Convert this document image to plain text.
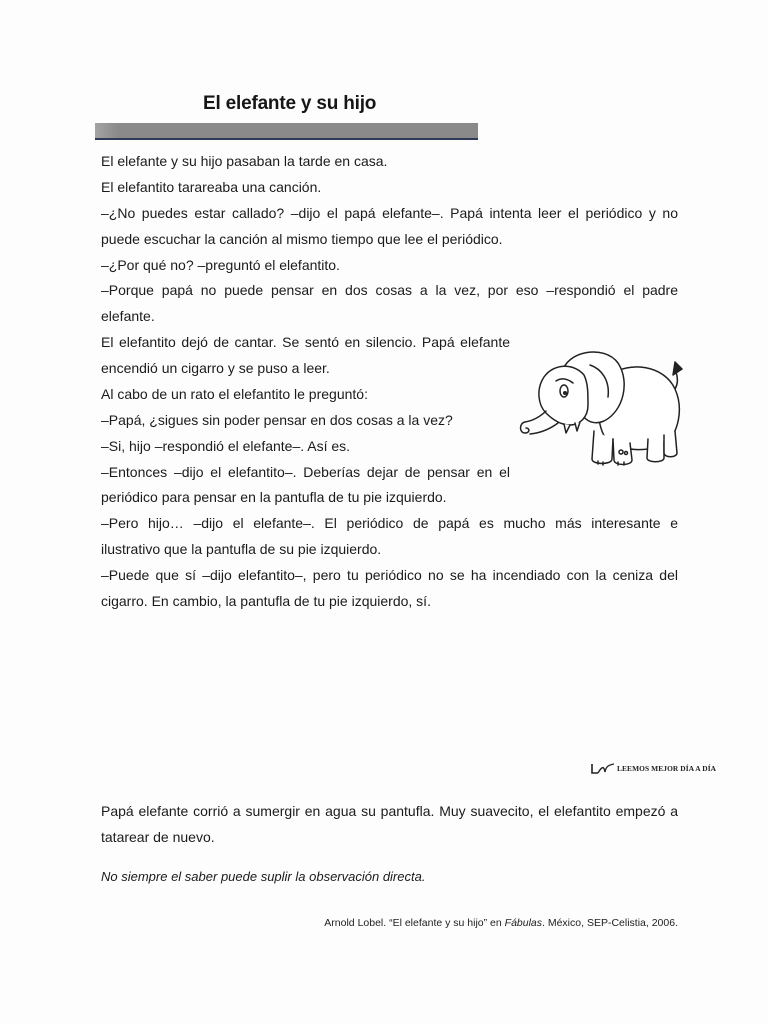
El elefante y su hijo
El elefante y su hijo pasaban la tarde en casa.
El elefantito tarareaba una canción.
–¿No puedes estar callado? –dijo el papá elefante–. Papá intenta leer el periódico y no
puede escuchar la canción al mismo tiempo que lee el periódico.
–¿Por qué no? –preguntó el elefantito.
–Porque papá no puede pensar en dos cosas a la vez, por eso –respondió el padre
elefante.
El elefantito dejó de cantar. Se sentó en silencio. Papá elefante
encendió un cigarro y se puso a leer.
Al cabo de un rato el elefantito le preguntó:
–Papá, ¿sigues sin poder pensar en dos cosas a la vez?
–Si, hijo –respondió el elefante–. Así es.
–Entonces –dijo el elefantito–. Deberías dejar de pensar en el
periódico para pensar en la pantufla de tu pie izquierdo.
–Pero hijo… –dijo el elefante–. El periódico de papá es mucho más interesante e
ilustrativo que la pantufla de su pie izquierdo.
–Puede que sí –dijo elefantito–, pero tu periódico no se ha incendiado con la ceniza del
cigarro. En cambio, la pantufla de tu pie izquierdo, sí.
LEEMOS MEJOR DÍA A DÍA
Papá elefante corrió a sumergir en agua su pantufla. Muy suavecito, el elefantito empezó a
tatarear de nuevo.
No siempre el saber puede suplir la observación directa.
Arnold Lobel. “El elefante y su hijo” en Fábulas. México, SEP-Celistia, 2006.
